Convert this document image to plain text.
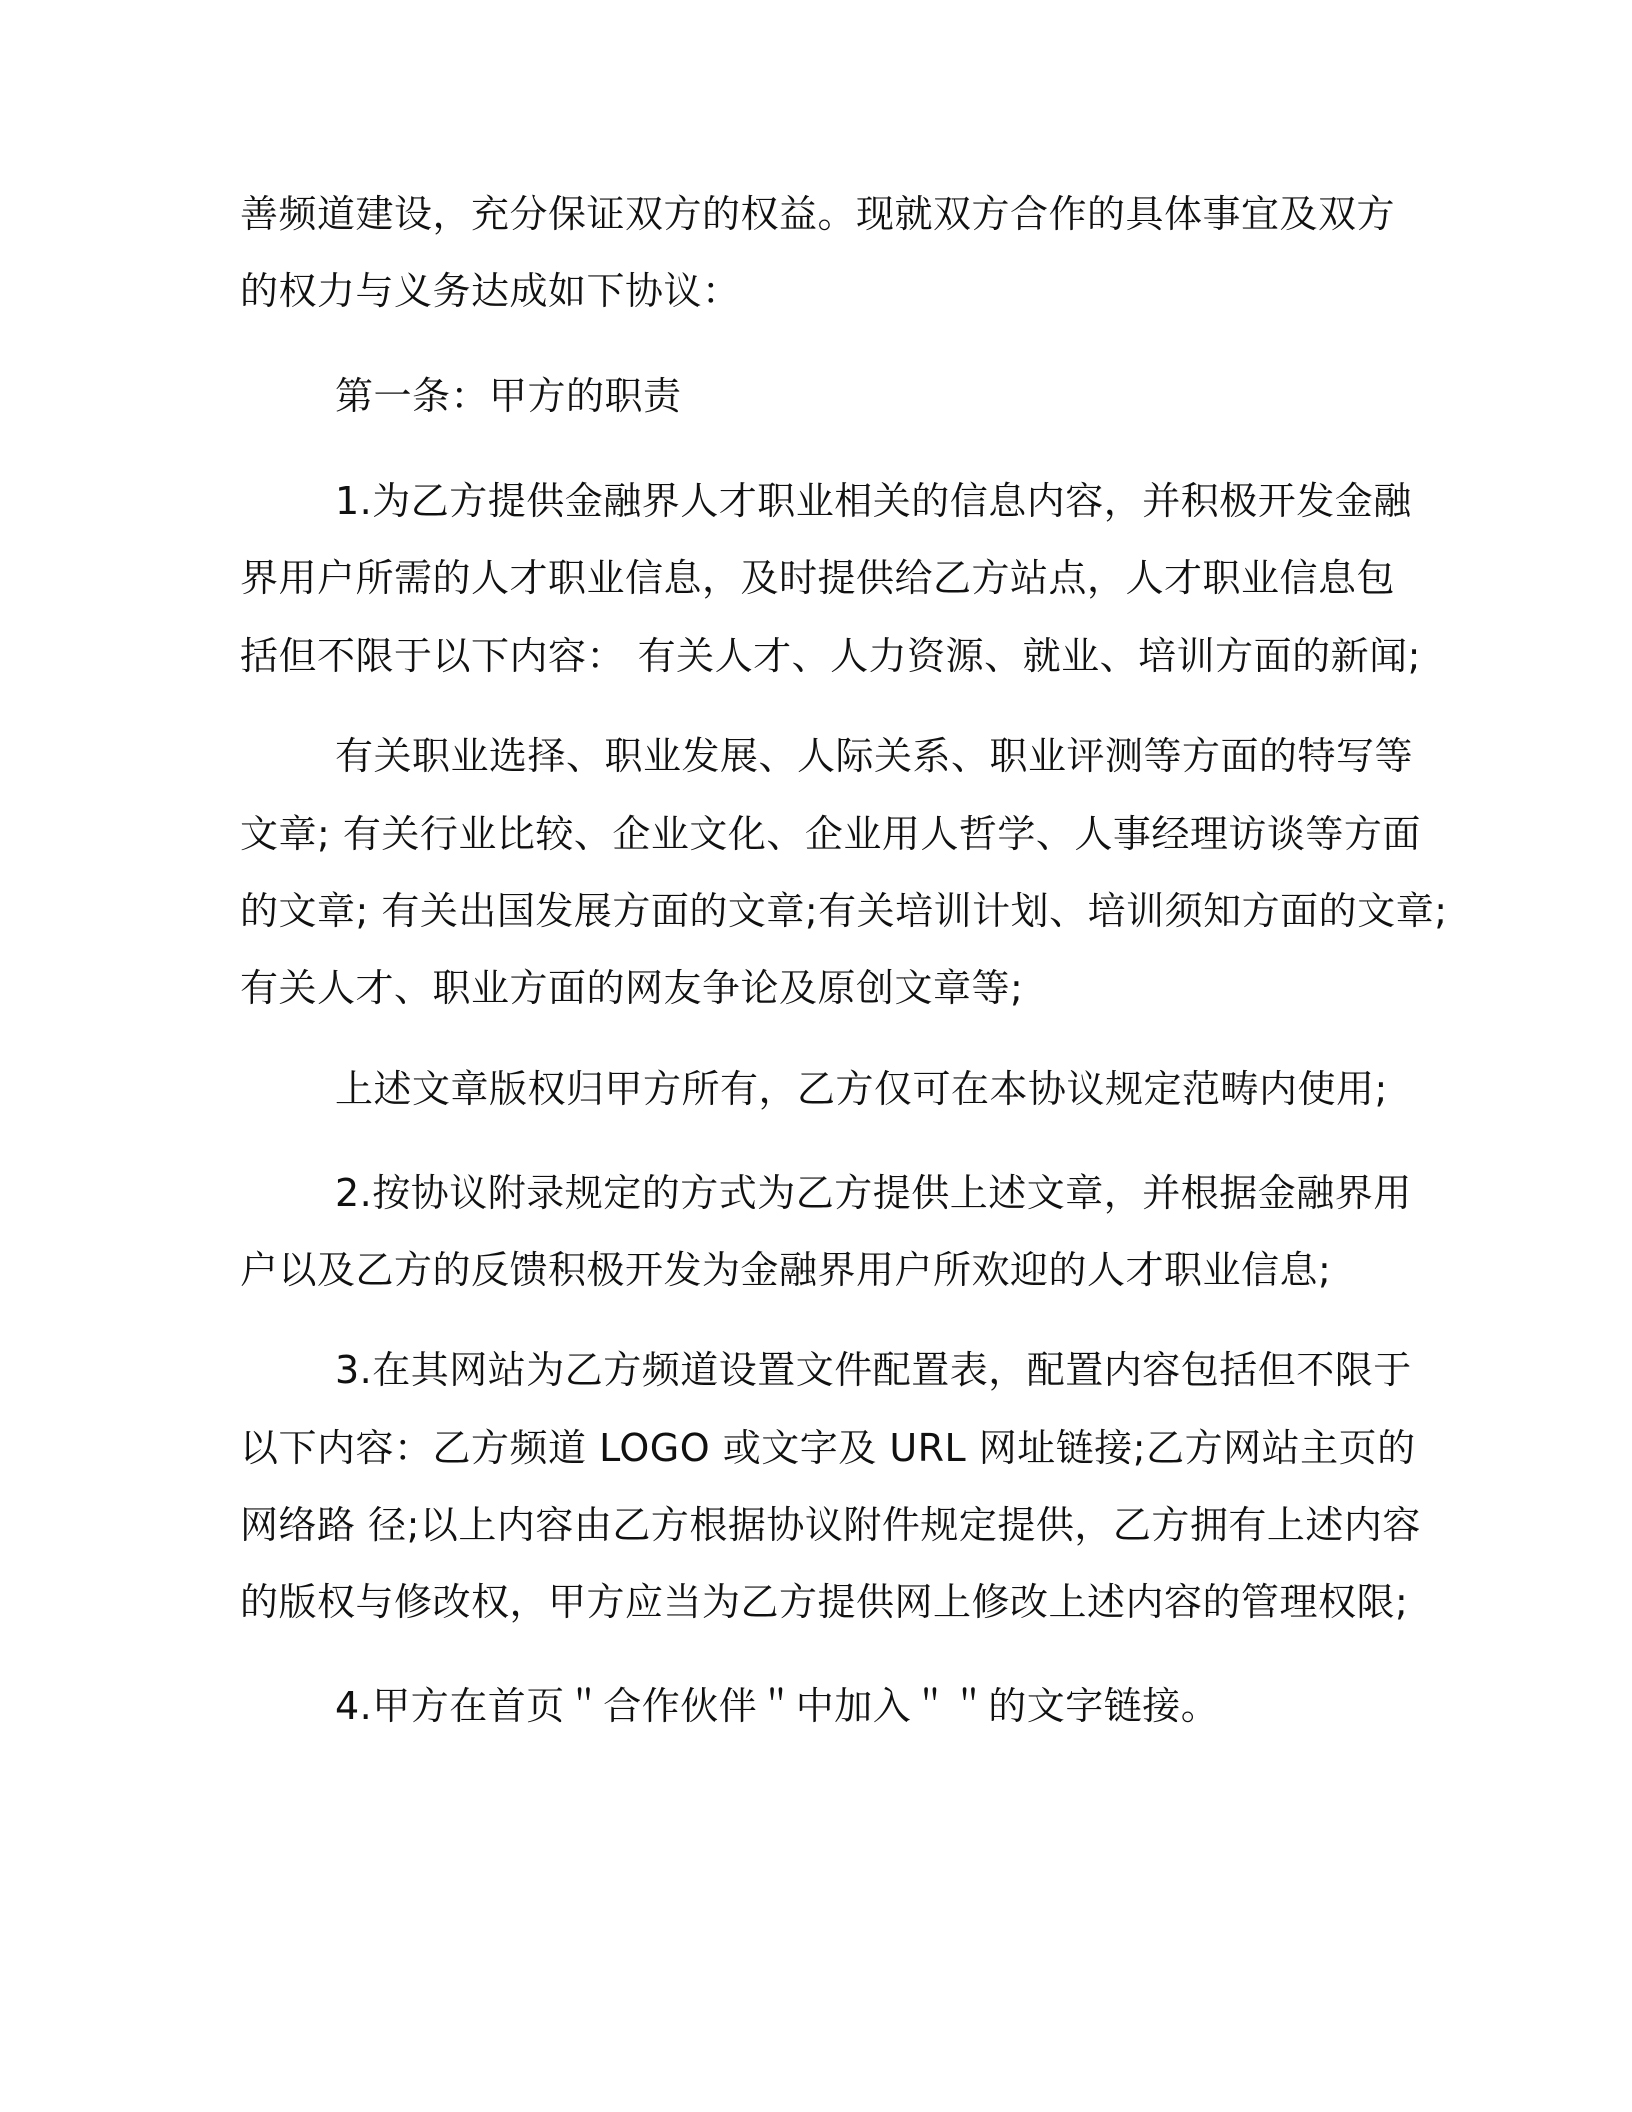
善频道建设，充分保证双方的权益。现就双方合作的具体事宜及双方
的权力与义务达成如下协议：
第一条：甲方的职责
1.为乙方提供金融界人才职业相关的信息内容，并积极开发金融
界用户所需的人才职业信息，及时提供给乙方站点，人才职业信息包
括但不限于以下内容： 有关人才、人力资源、就业、培训方面的新闻;
有关职业选择、职业发展、人际关系、职业评测等方面的特写等
文章; 有关行业比较、企业文化、企业用人哲学、人事经理访谈等方面
的文章; 有关出国发展方面的文章;有关培训计划、培训须知方面的文章;
有关人才、职业方面的网友争论及原创文章等;
上述文章版权归甲方所有，乙方仅可在本协议规定范畴内使用;
2.按协议附录规定的方式为乙方提供上述文章，并根据金融界用
户以及乙方的反馈积极开发为金融界用户所欢迎的人才职业信息;
3.在其网站为乙方频道设置文件配置表，配置内容包括但不限于
以下内容：乙方频道 LOGO 或文字及 URL 网址链接;乙方网站主页的
网络路 径;以上内容由乙方根据协议附件规定提供，乙方拥有上述内容
的版权与修改权，甲方应当为乙方提供网上修改上述内容的管理权限;
4.甲方在首页＂合作伙伴＂中加入＂＂的文字链接。
